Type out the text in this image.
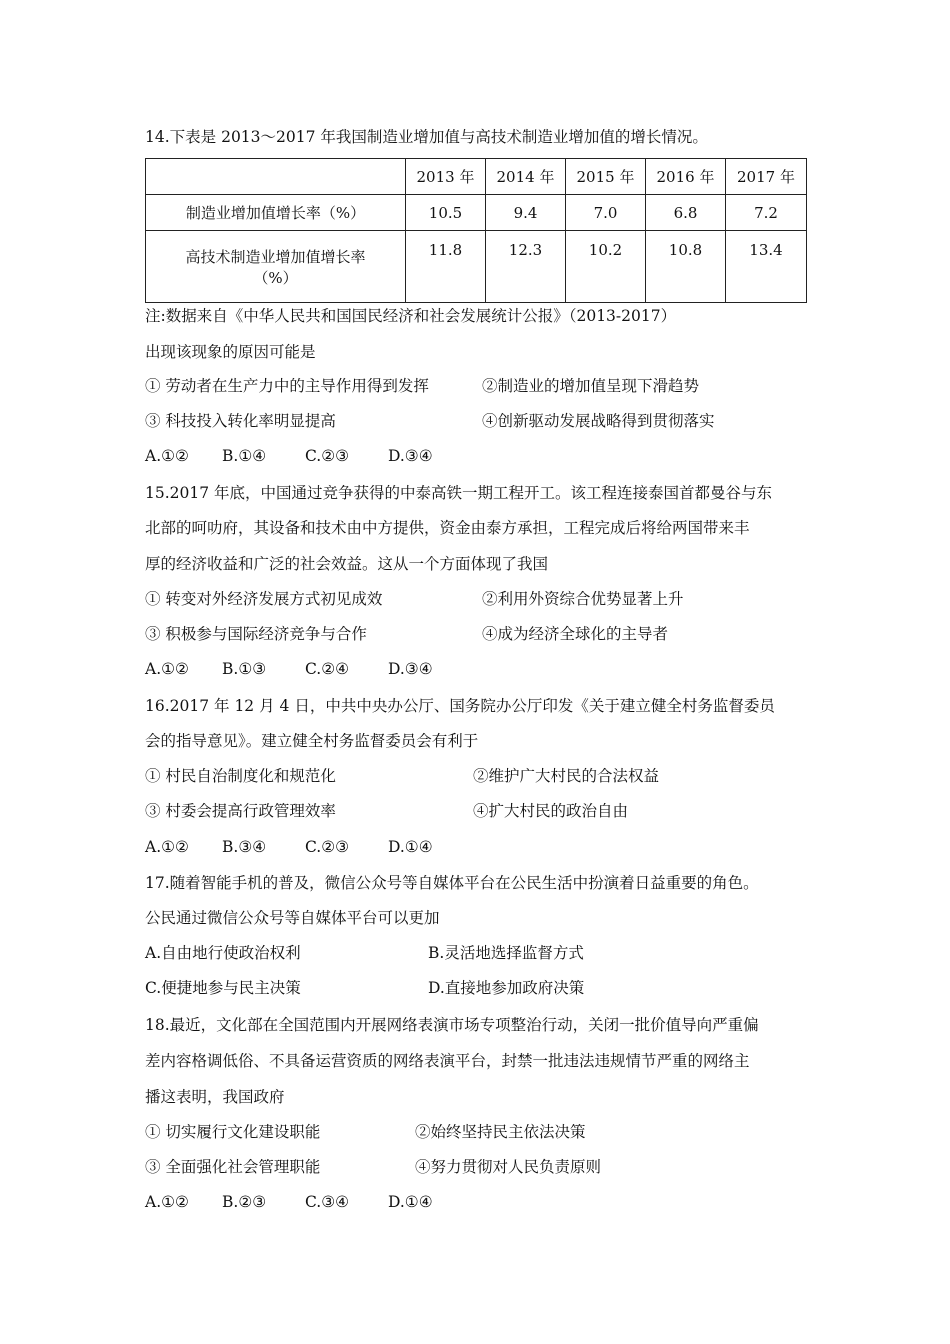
14.下表是 2013～2017 年我国制造业增加值与高技术制造业增加值的增长情况。
	2013 年	2014 年	2015 年	2016 年	2017 年
制造业增加值增长率（%）	10.5	9.4	7.0	6.8	7.2

高技术制造业增加值增长率
（%）	11.8	12.3	10.2	10.8	13.4
注:数据来自《中华人民共和国国民经济和社会发展统计公报》（2013-2017）
出现该现象的原因可能是
① 劳动者在生产力中的主导作用得到发挥	②制造业的增加值呈现下滑趋势
③ 科技投入转化率明显提高	④创新驱动发展战略得到贯彻落实
A.①② B.①④	C.②③	D.③④
15.2017 年底，中国通过竞争获得的中泰高铁一期工程开工。该工程连接泰国首都曼谷与东
北部的呵叻府，其设备和技术由中方提供，资金由泰方承担，工程完成后将给两国带来丰
厚的经济收益和广泛的社会效益。这从一个方面体现了我国
① 转变对外经济发展方式初见成效	②利用外资综合优势显著上升
③ 积极参与国际经济竞争与合作	④成为经济全球化的主导者
A.①② B.①③	C.②④	D.③④
16.2017 年 12 月 4 日，中共中央办公厅、国务院办公厅印发《关于建立健全村务监督委员
会的指导意见》。建立健全村务监督委员会有利于
① 村民自治制度化和规范化	②维护广大村民的合法权益
③ 村委会提高行政管理效率	④扩大村民的政治自由
A.①② B.③④	C.②③	D.①④
17.随着智能手机的普及，微信公众号等自媒体平台在公民生活中扮演着日益重要的角色。
公民通过微信公众号等自媒体平台可以更加
A.自由地行使政治权利	B.灵活地选择监督方式
C.便捷地参与民主决策	D.直接地参加政府决策
18.最近，文化部在全国范围内开展网络表演市场专项整治行动，关闭一批价值导向严重偏
差内容格调低俗、不具备运营资质的网络表演平台，封禁一批违法违规情节严重的网络主
播这表明，我国政府
① 切实履行文化建设职能	②始终坚持民主依法决策
③ 全面强化社会管理职能	④努力贯彻对人民负责原则
A.①② B.②③	C.③④	D.①④
